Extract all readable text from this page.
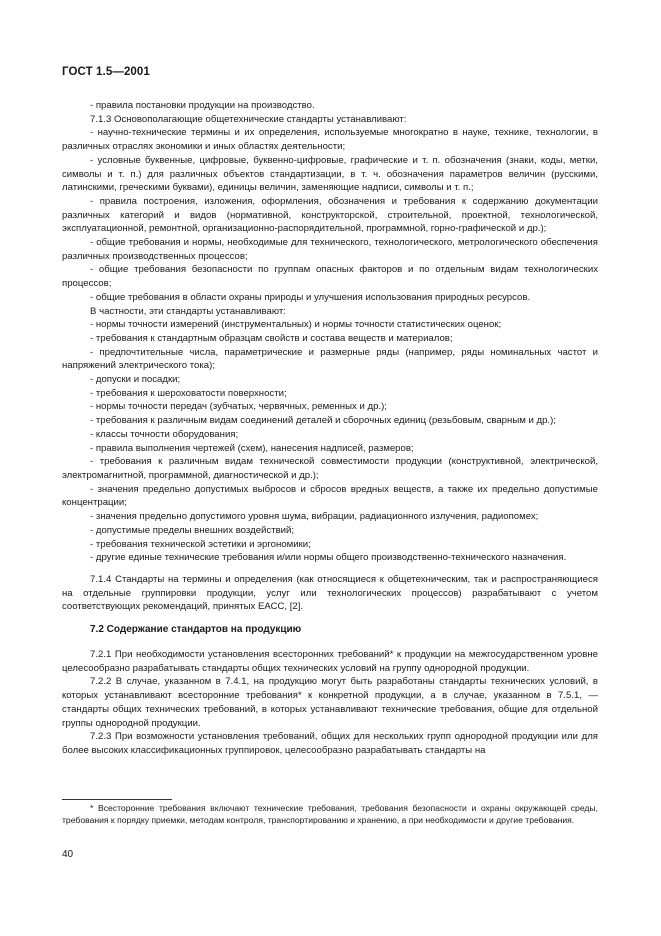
ГОСТ 1.5—2001

- правила постановки продукции на производство.

7.1.3 Основополагающие общетехнические стандарты устанавливают:

- научно-технические термины и их определения, используемые многократно в науке, технике, технологии, в различных отраслях экономики и иных областях деятельности;

- условные буквенные, цифровые, буквенно-цифровые, графические и т. п. обозначения (знаки, коды, метки, символы и т. п.) для различных объектов стандартизации, в т. ч. обозначения параметров величин (русскими, латинскими, греческими буквами), единицы величин, заменяющие надписи, символы и т. п.;

- правила построения, изложения, оформления, обозначения и требования к содержанию документации различных категорий и видов (нормативной, конструкторской, строительной, проектной, технологической, эксплуатационной, ремонтной, организационно-распорядительной, программной, горно-графической и др.);

- общие требования и нормы, необходимые для технического, технологического, метрологического обеспечения различных производственных процессов;

- общие требования безопасности по группам опасных факторов и по отдельным видам технологических процессов;

- общие требования в области охраны природы и улучшения использования природных ресурсов.

В частности, эти стандарты устанавливают:

- нормы точности измерений (инструментальных) и нормы точности статистических оценок;

- требования к стандартным образцам свойств и состава веществ и материалов;

- предпочтительные числа, параметрические и размерные ряды (например, ряды номинальных частот и напряжений электрического тока);

- допуски и посадки;

- требования к шероховатости поверхности;

- нормы точности передач (зубчатых, червячных, ременных и др.);

- требования к различным видам соединений деталей и сборочных единиц (резьбовым, сварным и др.);

- классы точности оборудования;

- правила выполнения чертежей (схем), нанесения надписей, размеров;

- требования к различным видам технической совместимости продукции (конструктивной, электрической, электромагнитной, программной, диагностической и др.);

- значения предельно допустимых выбросов и сбросов вредных веществ, а также их предельно допустимые концентрации;

- значения предельно допустимого уровня шума, вибрации, радиационного излучения, радиопомех;

- допустимые пределы внешних воздействий;

- требования технической эстетики и эргономики;

- другие единые технические требования и/или нормы общего производственно-технического назначения.

7.1.4 Стандарты на термины и определения (как относящиеся к общетехническим, так и распространяющиеся на отдельные группировки продукции, услуг или технологических процессов) разрабатывают с учетом соответствующих рекомендаций, принятых ЕАСС, [2].

7.2 Содержание стандартов на продукцию

7.2.1 При необходимости установления всесторонних требований* к продукции на межгосударственном уровне целесообразно разрабатывать стандарты общих технических условий на группу однородной продукции.

7.2.2 В случае, указанном в 7.4.1, на продукцию могут быть разработаны стандарты технических условий, в которых устанавливают всесторонние требования* к конкретной продукции, а в случае, указанном в 7.5.1, — стандарты общих технических требований, в которых устанавливают технические требования, общие для отдельной группы однородной продукции.

7.2.3 При возможности установления требований, общих для нескольких групп однородной продукции или для более высоких классификационных группировок, целесообразно разрабатывать стандарты на

* Всесторонние требования включают технические требования, требования безопасности и охраны окружающей среды, требования к порядку приемки, методам контроля, транспортированию и хранению, а при необходимости и другие требования.

40
